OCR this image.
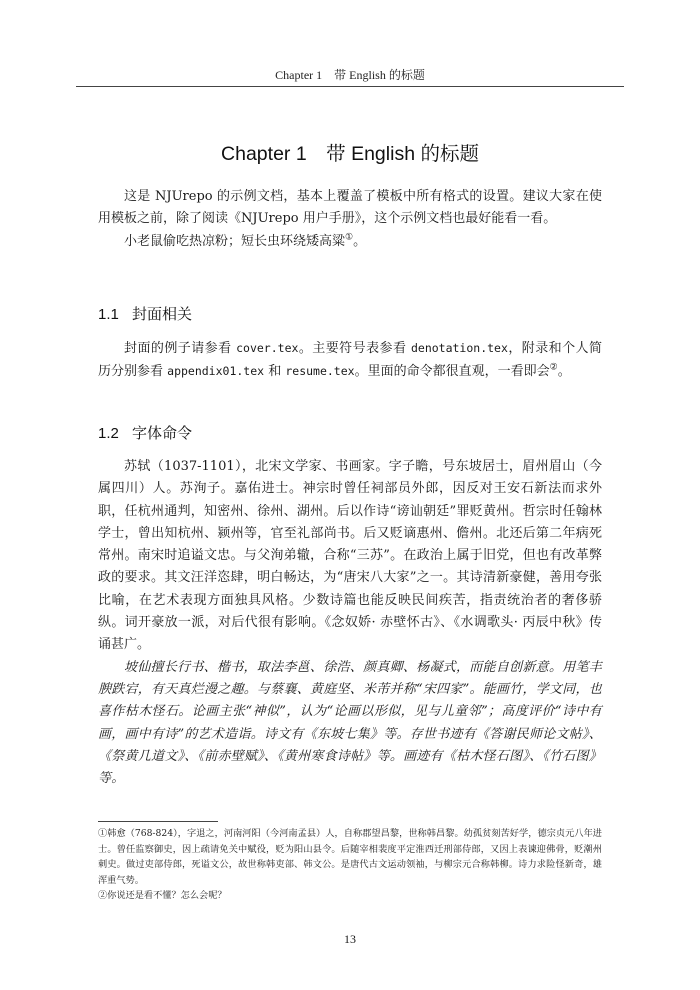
Chapter 1　带 English 的标题
Chapter 1　带 English 的标题

这是 NJUrepo 的示例文档，基本上覆盖了模板中所有格式的设置。建议大家在使用模板之前，除了阅读《NJUrepo 用户手册》，这个示例文档也最好能看一看。

小老鼠偷吃热凉粉；短长虫环绕矮高粱①。

1.1 封面相关

封面的例子请参看 cover.tex。主要符号表参看 denotation.tex，附录和个人简历分别参看 appendix01.tex 和 resume.tex。里面的命令都很直观，一看即会②。

1.2 字体命令

苏轼（1037-1101），北宋文学家、书画家。字子瞻，号东坡居士，眉州眉山（今属四川）人。苏洵子。嘉佑进士。神宗时曾任祠部员外郎，因反对王安石新法而求外职，任杭州通判，知密州、徐州、湖州。后以作诗“谤讪朝廷”罪贬黄州。哲宗时任翰林学士，曾出知杭州、颍州等，官至礼部尚书。后又贬谪惠州、儋州。北还后第二年病死常州。南宋时追谥文忠。与父洵弟辙，合称“三苏”。在政治上属于旧党，但也有改革弊政的要求。其文汪洋恣肆，明白畅达，为“唐宋八大家”之一。其诗清新豪健，善用夸张比喻，在艺术表现方面独具风格。少数诗篇也能反映民间疾苦，指责统治者的奢侈骄纵。词开豪放一派，对后代很有影响。《念奴娇· 赤壁怀古》、《水调歌头· 丙辰中秋》传诵甚广。

坡仙擅长行书、楷书，取法李邕、徐浩、颜真卿、杨凝式，而能自创新意。用笔丰腴跌宕，有天真烂漫之趣。与蔡襄、黄庭坚、米芾并称“宋四家”。能画竹，学文同，也喜作枯木怪石。论画主张“神似”，认为“论画以形似，见与儿童邻”；高度评价“诗中有画，画中有诗”的艺术造诣。诗文有《东坡七集》等。存世书迹有《答谢民师论文帖》、《祭黄几道文》、《前赤壁赋》、《黄州寒食诗帖》等。画迹有《枯木怪石图》、《竹石图》等。

①韩愈（768-824），字退之，河南河阳（今河南孟县）人，自称郡望昌黎，世称韩昌黎。幼孤贫刻苦好学，德宗贞元八年进士。曾任监察御史，因上疏请免关中赋役，贬为阳山县令。后随宰相裴度平定淮西迁刑部侍郎，又因上表谏迎佛骨，贬潮州刺史。做过吏部侍郎，死谥文公，故世称韩吏部、韩文公。是唐代古文运动领袖，与柳宗元合称韩柳。诗力求险怪新奇，雄浑重气势。

②你说还是看不懂？怎么会呢？

13
